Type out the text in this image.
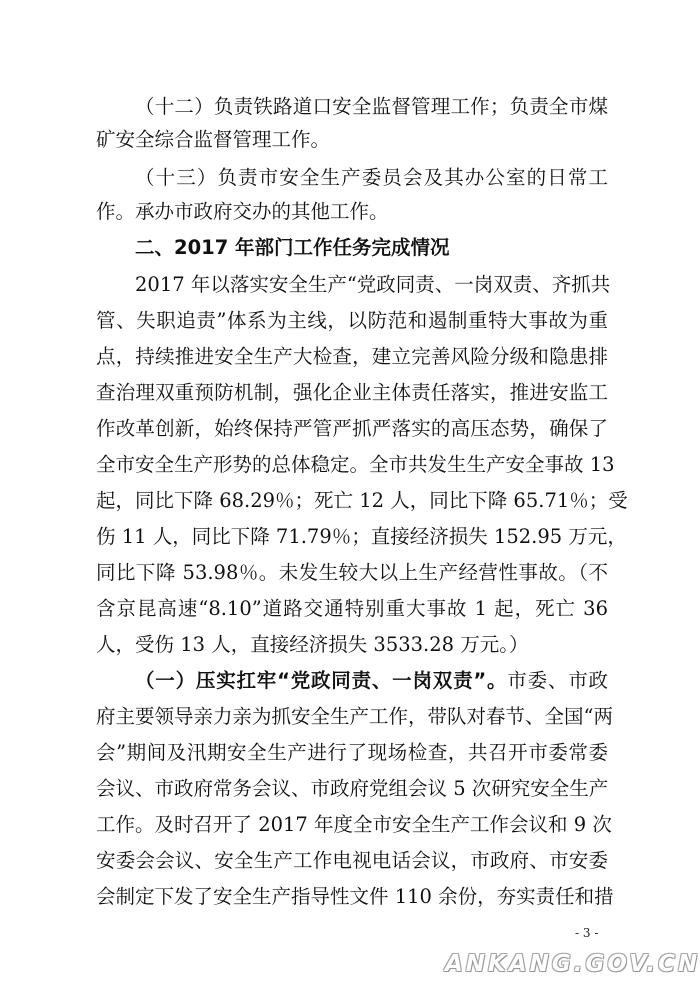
（十二）负责铁路道口安全监督管理工作；负责全市煤
矿安全综合监督管理工作。
（十三）负责市安全生产委员会及其办公室的日常工
作。承办市政府交办的其他工作。
二、2017 年部门工作任务完成情况
2017 年以落实安全生产“党政同责、一岗双责、齐抓共
管、失职追责”体系为主线，以防范和遏制重特大事故为重
点，持续推进安全生产大检查，建立完善风险分级和隐患排
查治理双重预防机制，强化企业主体责任落实，推进安监工
作改革创新，始终保持严管严抓严落实的高压态势，确保了
全市安全生产形势的总体稳定。全市共发生生产安全事故 13
起，同比下降 68.29％；死亡 12 人，同比下降 65.71％；受
伤 11 人，同比下降 71.79％；直接经济损失 152.95 万元，
同比下降 53.98％。未发生较大以上生产经营性事故。（不
含京昆高速“8.10”道路交通特别重大事故 1 起，死亡 36
人，受伤 13 人，直接经济损失 3533.28 万元。）
（一）压实扛牢“党政同责、一岗双责”。市委、市政
府主要领导亲力亲为抓安全生产工作，带队对春节、全国“两
会”期间及汛期安全生产进行了现场检查，共召开市委常委
会议、市政府常务会议、市政府党组会议 5 次研究安全生产
工作。及时召开了 2017 年度全市安全生产工作会议和 9 次
安委会会议、安全生产工作电视电话会议，市政府、市安委
会制定下发了安全生产指导性文件 110 余份，夯实责任和措
- 3 -
ANKANG.GOV.CN
